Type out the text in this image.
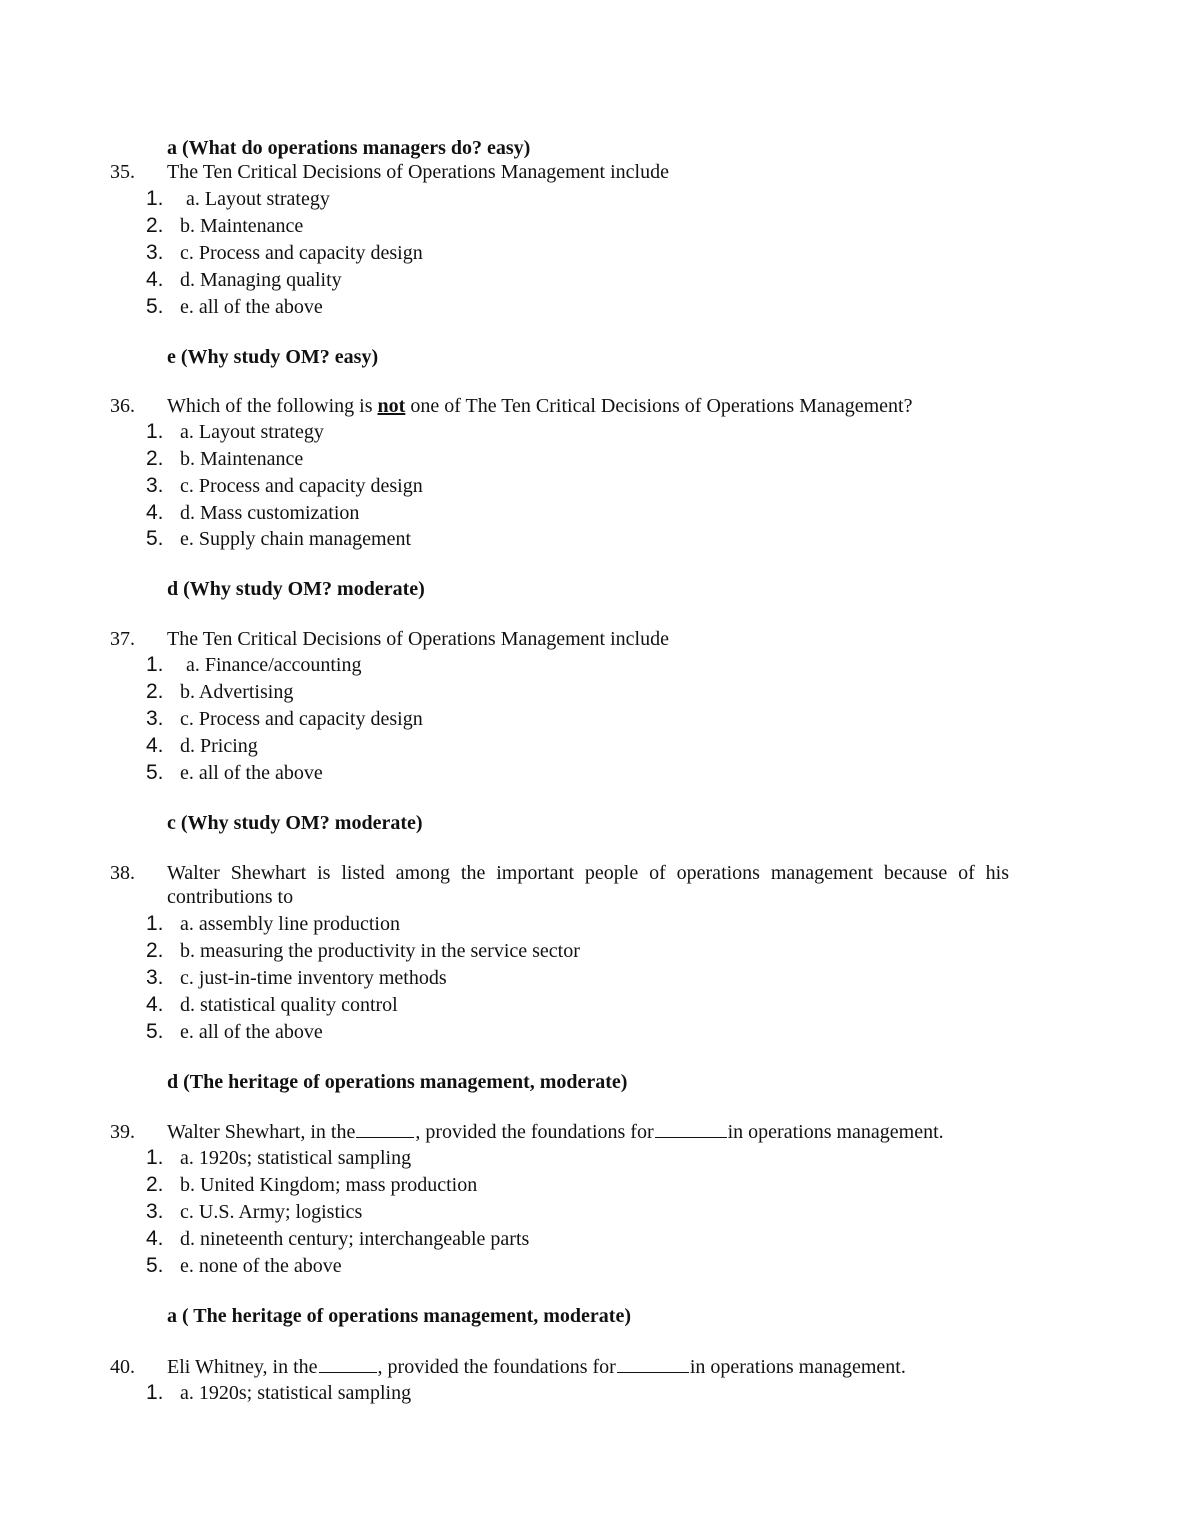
a (What do operations managers do? easy)
35. The Ten Critical Decisions of Operations Management include
1. a. Layout strategy
2. b. Maintenance
3. c. Process and capacity design
4. d. Managing quality
5. e. all of the above
e (Why study OM? easy)
36. Which of the following is not one of The Ten Critical Decisions of Operations Management?
1. a. Layout strategy
2. b. Maintenance
3. c. Process and capacity design
4. d. Mass customization
5. e. Supply chain management
d (Why study OM? moderate)
37. The Ten Critical Decisions of Operations Management include
1. a. Finance/accounting
2. b. Advertising
3. c. Process and capacity design
4. d. Pricing
5. e. all of the above
c (Why study OM? moderate)
38. Walter Shewhart is listed among the important people of operations management because of his contributions to
1. a. assembly line production
2. b. measuring the productivity in the service sector
3. c. just-in-time inventory methods
4. d. statistical quality control
5. e. all of the above
d (The heritage of operations management, moderate)
39. Walter Shewhart, in the	, provided the foundations for	in operations management.
1. a. 1920s; statistical sampling
2. b. United Kingdom; mass production
3. c. U.S. Army; logistics
4. d. nineteenth century; interchangeable parts
5. e. none of the above
a ( The heritage of operations management, moderate)
40. Eli Whitney, in the	, provided the foundations for	in operations management.
1. a. 1920s; statistical sampling
